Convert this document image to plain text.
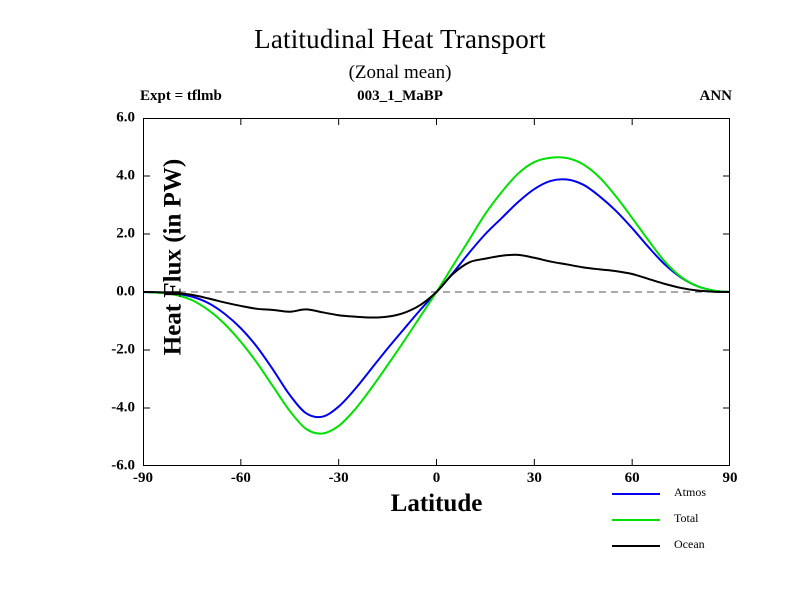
Latitudinal Heat Transport
(Zonal mean)
Expt = tflmb	003_1_MaBP	ANN
Heat Flux (in PW)
Latitude
-6.0
-4.0
-2.0
0.0
2.0
4.0
6.0
-90	-60	-30	0	30	60	90
Atmos
Total
Ocean
